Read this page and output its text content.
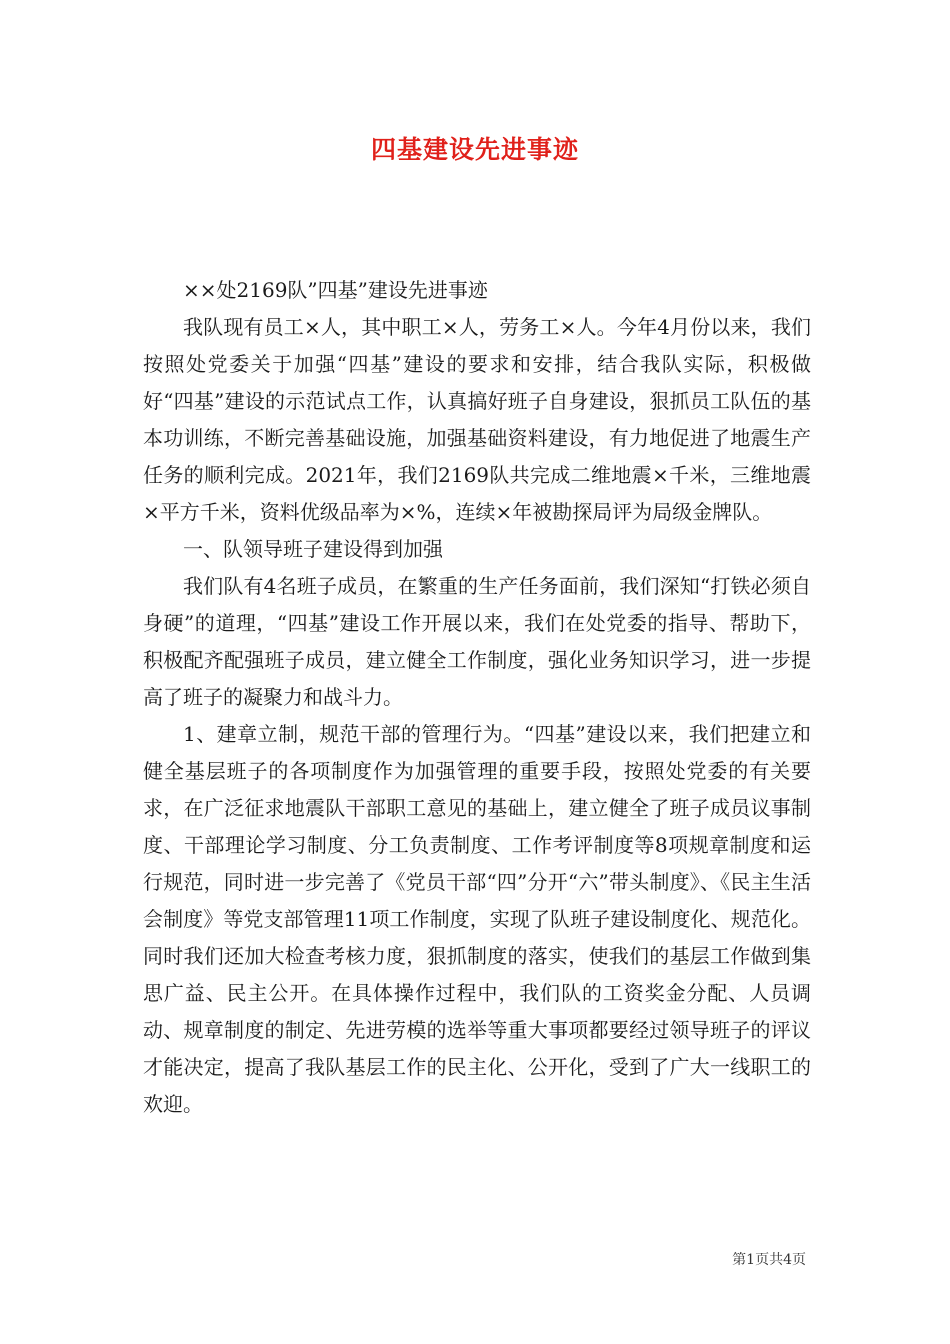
四基建设先进事迹

××处2169队”四基”建设先进事迹

我队现有员工×人，其中职工×人，劳务工×人。今年4月份以来，我们按照处党委关于加强“四基”建设的要求和安排，结合我队实际，积极做好“四基”建设的示范试点工作，认真搞好班子自身建设，狠抓员工队伍的基本功训练，不断完善基础设施，加强基础资料建设，有力地促进了地震生产任务的顺利完成。2021年，我们2169队共完成二维地震×千米，三维地震×平方千米，资料优级品率为×%，连续×年被勘探局评为局级金牌队。

一、队领导班子建设得到加强

我们队有4名班子成员，在繁重的生产任务面前，我们深知“打铁必须自身硬”的道理，“四基”建设工作开展以来，我们在处党委的指导、帮助下，积极配齐配强班子成员，建立健全工作制度，强化业务知识学习，进一步提高了班子的凝聚力和战斗力。

1、建章立制，规范干部的管理行为。“四基”建设以来，我们把建立和健全基层班子的各项制度作为加强管理的重要手段，按照处党委的有关要求，在广泛征求地震队干部职工意见的基础上，建立健全了班子成员议事制度、干部理论学习制度、分工负责制度、工作考评制度等8项规章制度和运行规范，同时进一步完善了《党员干部“四”分开“六”带头制度》、《民主生活会制度》等党支部管理11项工作制度，实现了队班子建设制度化、规范化。同时我们还加大检查考核力度，狠抓制度的落实，使我们的基层工作做到集思广益、民主公开。在具体操作过程中，我们队的工资奖金分配、人员调动、规章制度的制定、先进劳模的选举等重大事项都要经过领导班子的评议才能决定，提高了我队基层工作的民主化、公开化，受到了广大一线职工的欢迎。

第1页共4页
